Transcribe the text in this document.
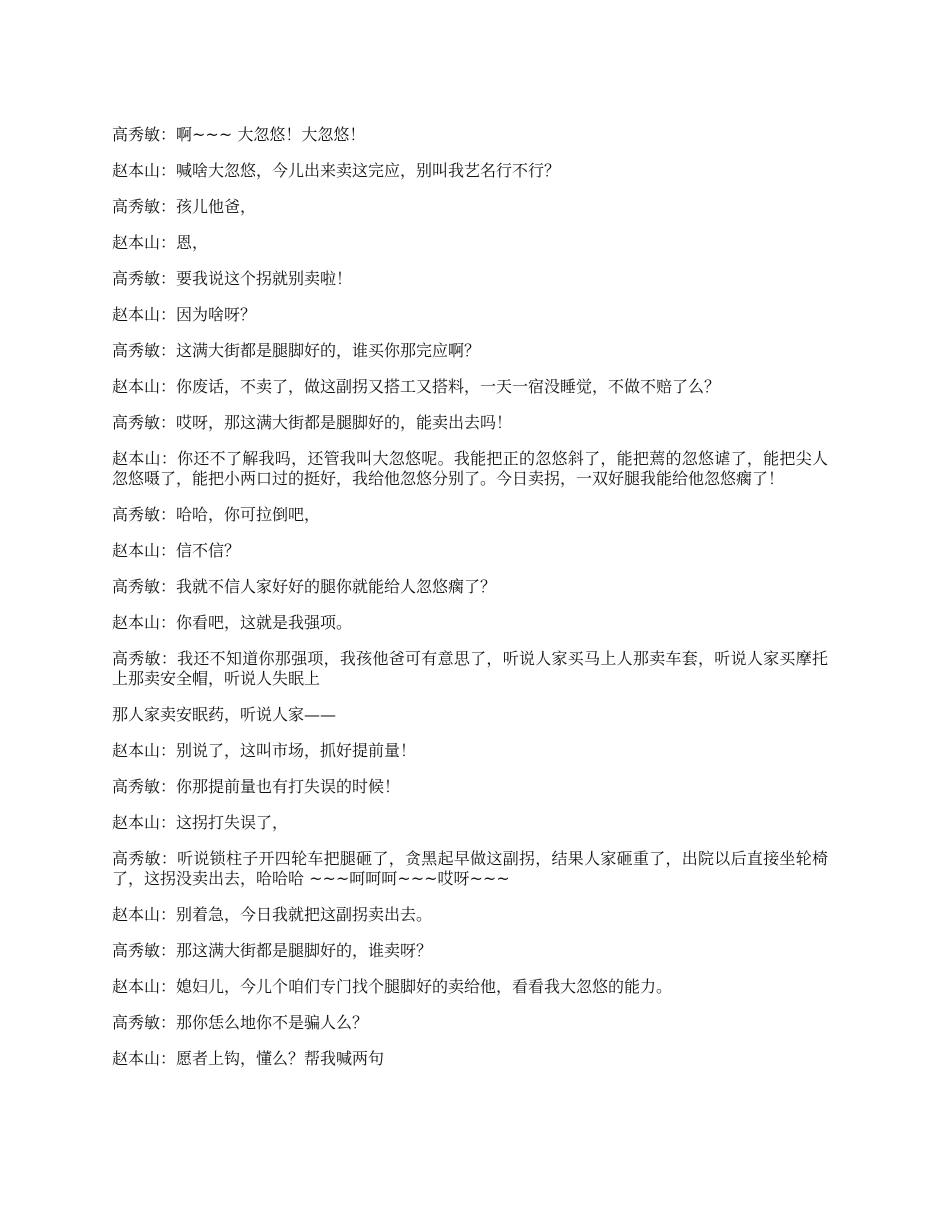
高秀敏：啊~~~ 大忽悠！大忽悠！

赵本山：喊啥大忽悠，今儿出来卖这完应，别叫我艺名行不行？

高秀敏：孩儿他爸，

赵本山：恩，

高秀敏：要我说这个拐就别卖啦！

赵本山：因为啥呀？

高秀敏：这满大街都是腿脚好的，谁买你那完应啊？

赵本山：你废话，不卖了，做这副拐又搭工又搭料，一天一宿没睡觉，不做不赔了么？

高秀敏：哎呀，那这满大街都是腿脚好的，能卖出去吗！

赵本山：你还不了解我吗，还管我叫大忽悠呢。我能把正的忽悠斜了，能把蔫的忽悠谑了，能把尖人忽悠嗫了，能把小两口过的挺好，我给他忽悠分别了。今日卖拐，一双好腿我能给他忽悠瘸了！

高秀敏：哈哈，你可拉倒吧，

赵本山：信不信？

高秀敏：我就不信人家好好的腿你就能给人忽悠瘸了？

赵本山：你看吧，这就是我强项。

高秀敏：我还不知道你那强项，我孩他爸可有意思了，听说人家买马上人那卖车套，听说人家买摩托上那卖安全帽，听说人失眠上

那人家卖安眠药，听说人家——

赵本山：别说了，这叫市场，抓好提前量！

高秀敏：你那提前量也有打失误的时候！

赵本山：这拐打失误了，

高秀敏：听说锁柱子开四轮车把腿砸了，贪黑起早做这副拐，结果人家砸重了，出院以后直接坐轮椅了，这拐没卖出去，哈哈哈 ~~~呵呵呵~~~哎呀~~~

赵本山：别着急，今日我就把这副拐卖出去。

高秀敏：那这满大街都是腿脚好的，谁卖呀？

赵本山：媳妇儿，今儿个咱们专门找个腿脚好的卖给他，看看我大忽悠的能力。

高秀敏：那你恁么地你不是骗人么？

赵本山：愿者上钩，懂么？帮我喊两句
